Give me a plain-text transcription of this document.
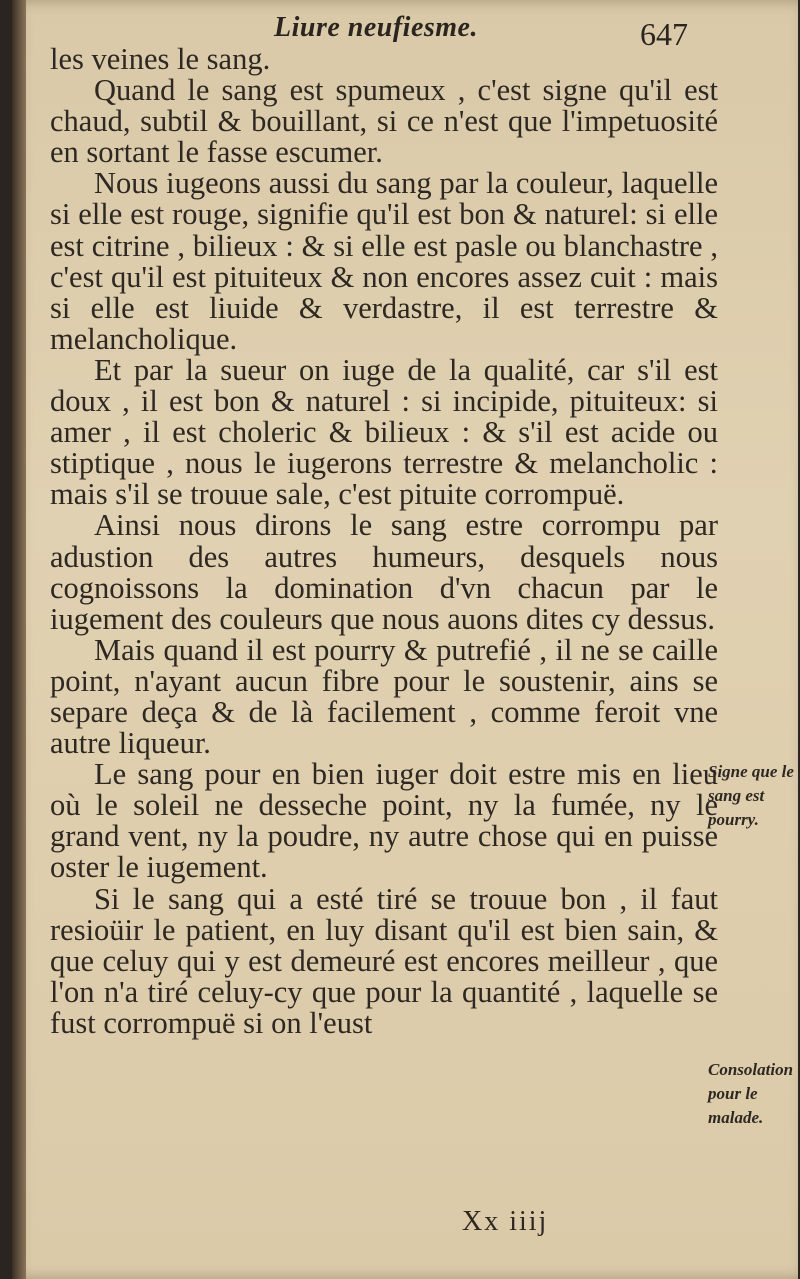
Liure neufiesme.	647

les veines le sang.

Quand le sang est spumeux , c'est signe qu'il est chaud, subtil & bouillant, si ce n'est que l'impetuosité en sortant le fasse escumer.

Nous iugeons aussi du sang par la couleur, laquelle si elle est rouge, signifie qu'il est bon & naturel: si elle est citrine , bilieux : & si elle est pasle ou blanchastre , c'est qu'il est pituiteux & non encores assez cuit : mais si elle est liuide & verdastre, il est terrestre & melancholique.

Et par la sueur on iuge de la qualité, car s'il est doux , il est bon & naturel : si incipide, pituiteux: si amer , il est choleric & bilieux : & s'il est acide ou stiptique , nous le iugerons terrestre & melancholic : mais s'il se trouue sale, c'est pituite corrompuë.

Ainsi nous dirons le sang estre corrompu par adustion des autres humeurs, desquels nous cognoissons la domination d'vn chacun par le iugement des couleurs que nous auons dites cy dessus.

Mais quand il est pourry & putrefié , il ne se caille point, n'ayant aucun fibre pour le soustenir, ains se separe deça & de là facilement , comme feroit vne autre liqueur.

Le sang pour en bien iuger doit estre mis en lieu où le soleil ne desseche point, ny la fumée, ny le grand vent, ny la poudre, ny autre chose qui en puisse oster le iugement.

Si le sang qui a esté tiré se trouue bon , il faut resioüir le patient, en luy disant qu'il est bien sain, & que celuy qui y est demeuré est encores meilleur , que l'on n'a tiré celuy-cy que pour la quantité , laquelle se fust corrompuë si on l'eust

Signe que le sang est pourry.
Consolation pour le malade.
Xx iiij
